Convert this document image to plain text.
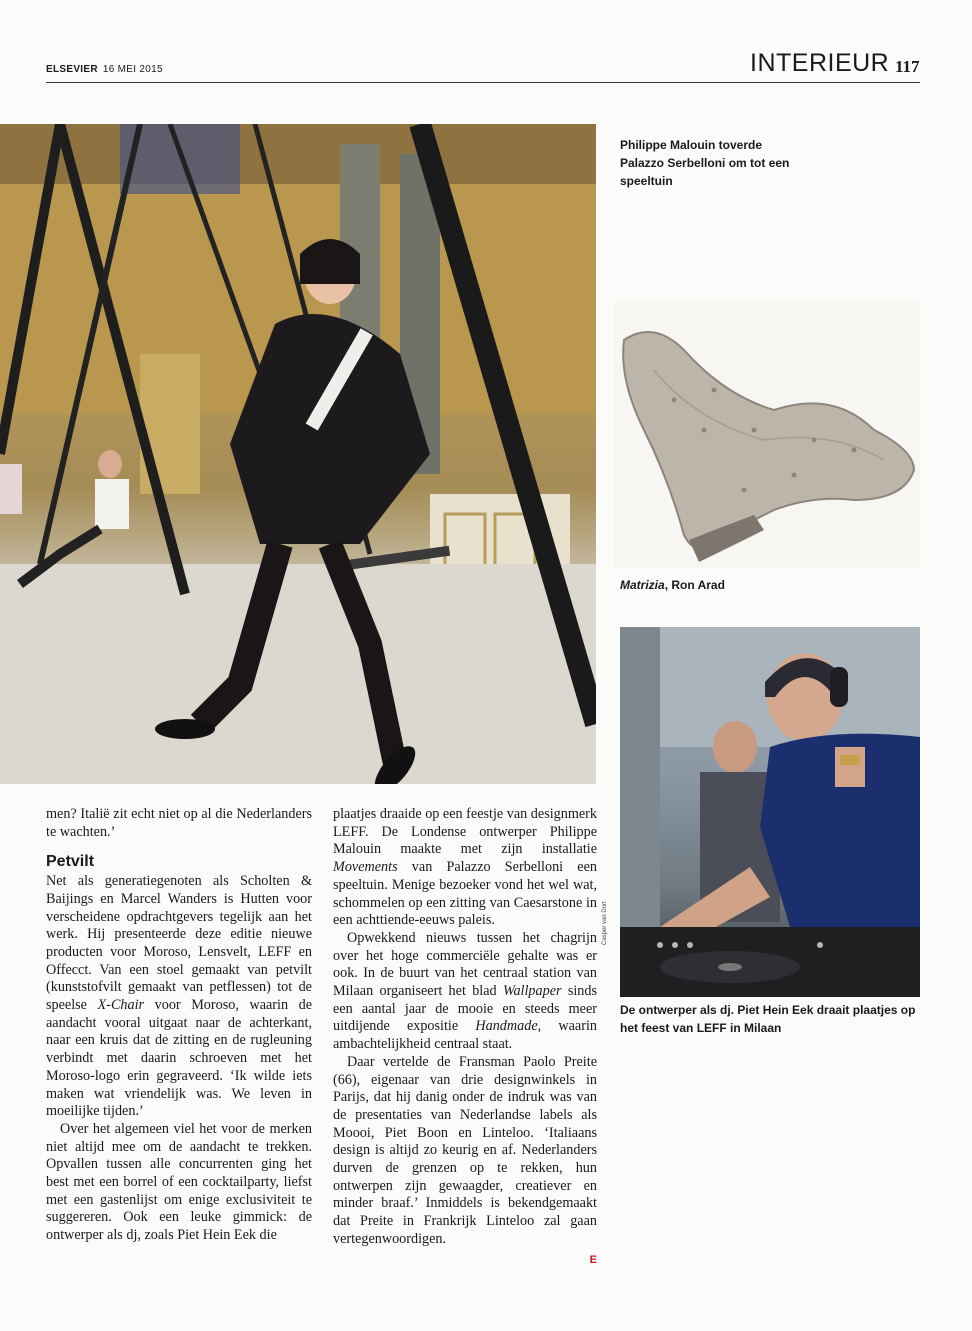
ELSEVIER 16 MEI 2015	INTERIEUR 117
Philippe Malouin toverde Palazzo Serbelloni om tot een speeltuin
Matrizia, Ron Arad
Casper van Dort
De ontwerper als dj. Piet Hein Eek draait plaatjes op het feest van LEFF in Milaan

men? Italië zit echt niet op al die Nederlanders te wachten.’

Petvilt

Net als generatiegenoten als Scholten & Baijings en Marcel Wanders is Hutten voor verscheidene opdrachtgevers tegelijk aan het werk. Hij presenteerde deze editie nieuwe producten voor Moroso, Lensvelt, LEFF en Offecct. Van een stoel gemaakt van petvilt (kunststofvilt gemaakt van petflessen) tot de speelse X-Chair voor Moroso, waarin de aandacht vooral uitgaat naar de achterkant, naar een kruis dat de zitting en de rugleuning verbindt met daarin schroeven met het Moroso-logo erin gegraveerd. ‘Ik wilde iets maken wat vriendelijk was. We leven in moeilijke tijden.’

Over het algemeen viel het voor de merken niet altijd mee om de aandacht te trekken. Opvallen tussen alle concurrenten ging het best met een borrel of een cocktailparty, liefst met een gastenlijst om enige exclusiviteit te suggereren. Ook een leuke gimmick: de ontwerper als dj, zoals Piet Hein Eek die

plaatjes draaide op een feestje van designmerk LEFF. De Londense ontwerper Philippe Malouin maakte met zijn installatie Movements van Palazzo Serbelloni een speeltuin. Menige bezoeker vond het wel wat, schommelen op een zitting van Caesarstone in een achttiende-eeuws paleis.

Opwekkend nieuws tussen het chagrijn over het hoge commerciële gehalte was er ook. In de buurt van het centraal station van Milaan organiseert het blad Wallpaper sinds een aantal jaar de mooie en steeds meer uitdijende expositie Handmade, waarin ambachtelijkheid centraal staat.

Daar vertelde de Fransman Paolo Preite (66), eigenaar van drie designwinkels in Parijs, dat hij danig onder de indruk was van de presentaties van Nederlandse labels als Moooi, Piet Boon en Linteloo. ‘Italiaans design is altijd zo keurig en af. Nederlanders durven de grenzen op te rekken, hun ontwerpen zijn gewaagder, creatiever en minder braaf.’ Inmiddels is bekendgemaakt dat Preite in Frankrijk Linteloo zal gaan vertegenwoordigen.

E
